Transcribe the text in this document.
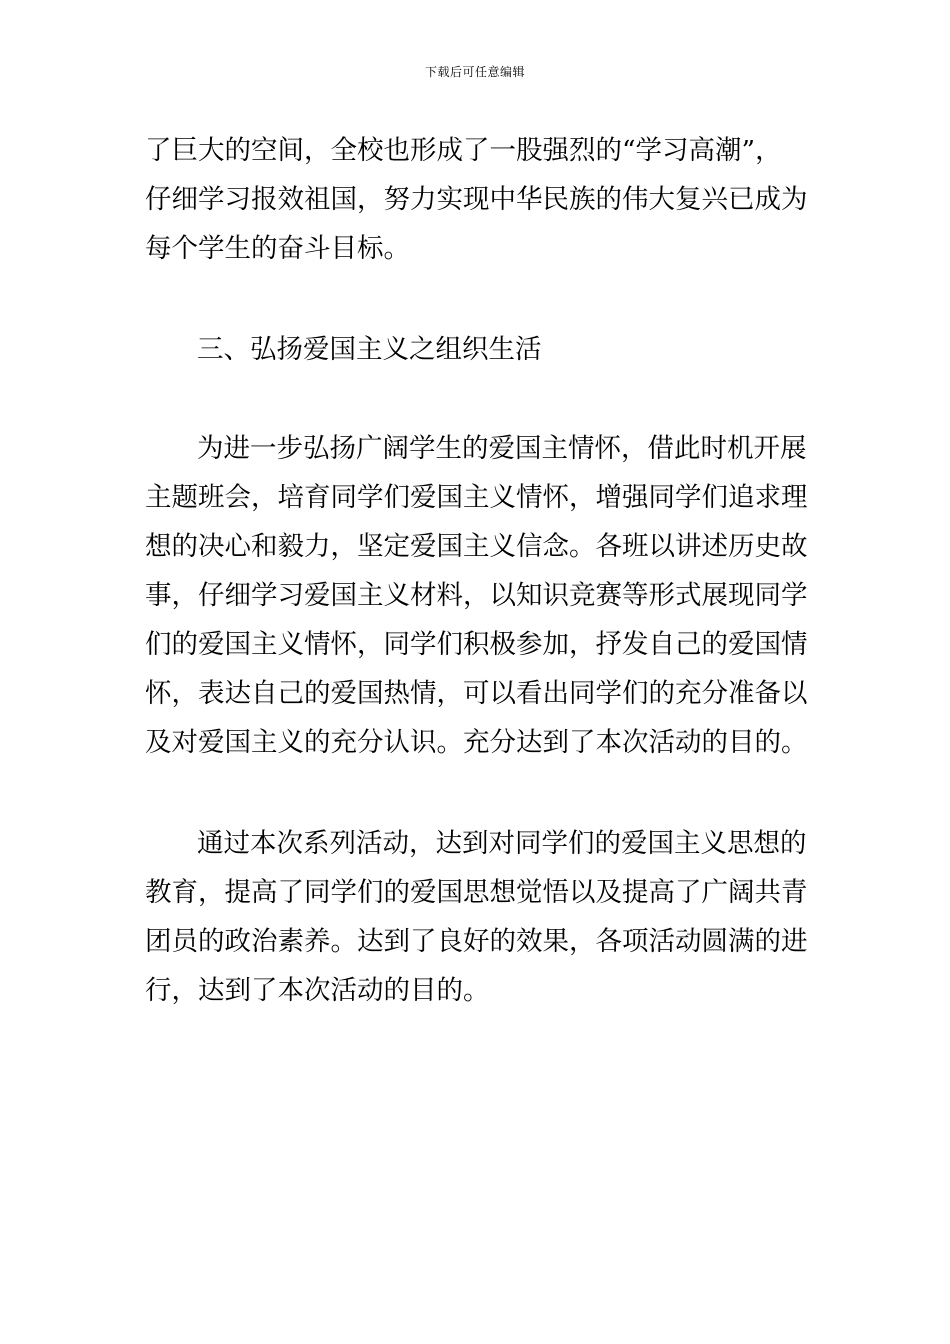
下载后可任意编辑
了巨大的空间，全校也形成了一股强烈的“学习高潮”，
仔细学习报效祖国，努力实现中华民族的伟大复兴已成为
每个学生的奋斗目标。
三、弘扬爱国主义之组织生活
为进一步弘扬广阔学生的爱国主情怀，借此时机开展
主题班会，培育同学们爱国主义情怀，增强同学们追求理
想的决心和毅力，坚定爱国主义信念。各班以讲述历史故
事，仔细学习爱国主义材料，以知识竞赛等形式展现同学
们的爱国主义情怀，同学们积极参加，抒发自己的爱国情
怀，表达自己的爱国热情，可以看出同学们的充分准备以
及对爱国主义的充分认识。充分达到了本次活动的目的。
通过本次系列活动，达到对同学们的爱国主义思想的
教育，提高了同学们的爱国思想觉悟以及提高了广阔共青
团员的政治素养。达到了良好的效果，各项活动圆满的进
行，达到了本次活动的目的。
